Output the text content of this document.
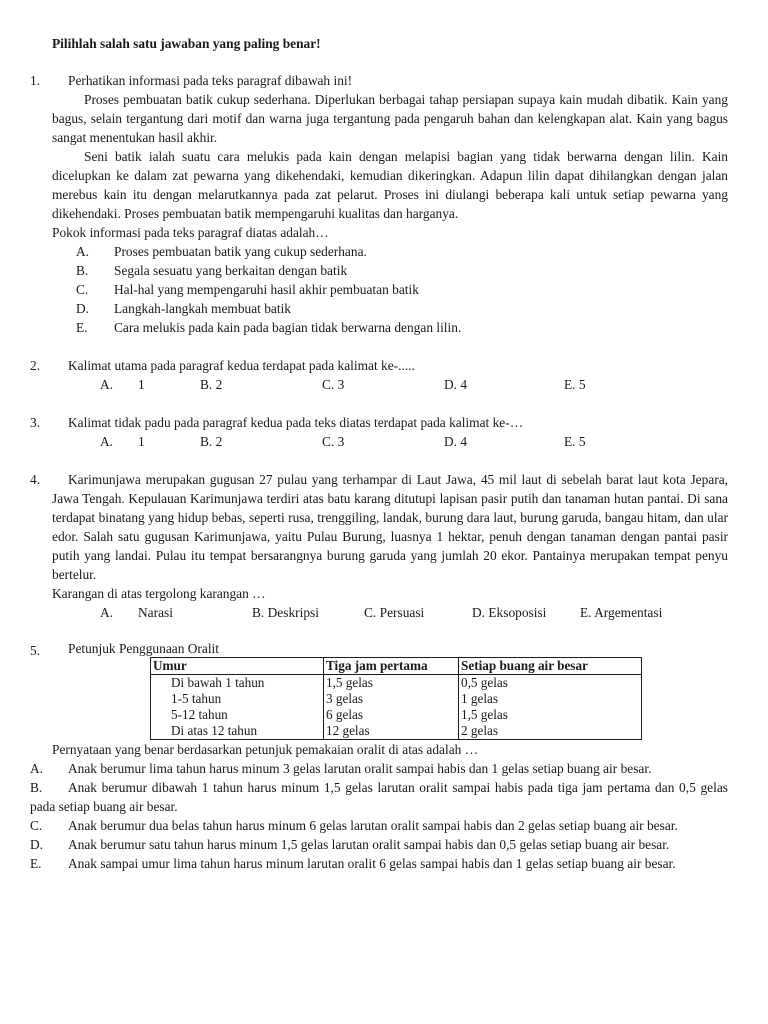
Pilihlah salah satu jawaban yang paling benar!
1.	Perhatikan informasi pada teks paragraf dibawah ini!
Proses pembuatan batik cukup sederhana. Diperlukan berbagai tahap persiapan supaya kain mudah dibatik. Kain yang bagus, selain tergantung dari motif dan warna juga tergantung pada pengaruh bahan dan kelengkapan alat. Kain yang bagus sangat menentukan hasil akhir.
Seni batik ialah suatu cara melukis pada kain dengan melapisi bagian yang tidak berwarna dengan lilin. Kain dicelupkan ke dalam zat pewarna yang dikehendaki, kemudian dikeringkan. Adapun lilin dapat dihilangkan dengan jalan merebus kain itu dengan melarutkannya pada zat pelarut. Proses ini diulangi beberapa kali untuk setiap pewarna yang dikehendaki. Proses pembuatan batik mempengaruhi kualitas dan harganya.
Pokok informasi pada teks paragraf diatas adalah…
A. Proses pembuatan batik yang cukup sederhana.
B. Segala sesuatu yang berkaitan dengan batik
C. Hal-hal yang mempengaruhi hasil akhir pembuatan batik
D. Langkah-langkah membuat batik
E. Cara melukis pada kain pada bagian tidak berwarna dengan lilin.
2.	Kalimat utama pada paragraf kedua terdapat pada kalimat ke-.....
A. 1	B. 2	C. 3	D. 4	E. 5
3.	Kalimat tidak padu pada paragraf kedua pada teks diatas terdapat pada kalimat ke-…
A. 1	B. 2	C. 3	D. 4	E. 5
4.	Karimunjawa merupakan gugusan 27 pulau yang terhampar di Laut Jawa, 45 mil laut di sebelah barat laut kota Jepara, Jawa Tengah. Kepulauan Karimunjawa terdiri atas batu karang ditutupi lapisan pasir putih dan tanaman hutan pantai. Di sana terdapat binatang yang hidup bebas, seperti rusa, trenggiling, landak, burung dara laut, burung garuda, bangau hitam, dan ular edor. Salah satu gugusan Karimunjawa, yaitu Pulau Burung, luasnya 1 hektar, penuh dengan tanaman dengan pantai pasir putih yang landai. Pulau itu tempat bersarangnya burung garuda yang jumlah 20 ekor. Pantainya merupakan tempat penyu bertelur.
Karangan di atas tergolong karangan …
A. Narasi	B. Deskripsi	C. Persuasi	D. Eksoposisi	E. Argementasi
5.	Petunjuk Penggunaan Oralit
Umur	Tiga jam pertama	Setiap buang air besar
Di bawah 1 tahun	1,5 gelas	0,5 gelas
1-5 tahun	3 gelas	1 gelas
5-12 tahun	6 gelas	1,5 gelas
Di atas 12 tahun	12 gelas	2 gelas
Pernyataan yang benar berdasarkan petunjuk pemakaian oralit di atas adalah …
A. Anak berumur lima tahun harus minum 3 gelas larutan oralit sampai habis dan 1 gelas setiap buang air besar.
B. Anak berumur dibawah 1 tahun harus minum 1,5 gelas larutan oralit sampai habis pada tiga jam pertama dan 0,5 gelas pada setiap buang air besar.
C. Anak berumur dua belas tahun harus minum 6 gelas larutan oralit sampai habis dan 2 gelas setiap buang air besar.
D. Anak berumur satu tahun harus minum 1,5 gelas larutan oralit sampai habis dan 0,5 gelas setiap buang air besar.
E. Anak sampai umur lima tahun harus minum larutan oralit 6 gelas sampai habis dan 1 gelas setiap buang air besar.
